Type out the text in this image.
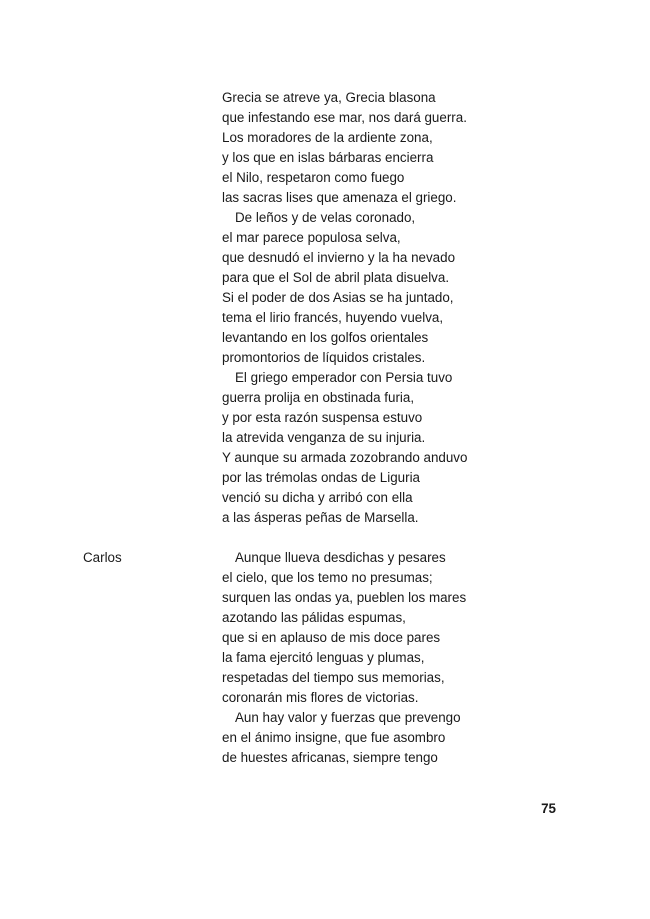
Grecia se atreve ya, Grecia blasona
que infestando ese mar, nos dará guerra.
Los moradores de la ardiente zona,
y los que en islas bárbaras encierra
el Nilo, respetaron como fuego
las sacras lises que amenaza el griego.
De leños y de velas coronado,
el mar parece populosa selva,
que desnudó el invierno y la ha nevado
para que el Sol de abril plata disuelva.
Si el poder de dos Asias se ha juntado,
tema el lirio francés, huyendo vuelva,
levantando en los golfos orientales
promontorios de líquidos cristales.
El griego emperador con Persia tuvo
guerra prolija en obstinada furia,
y por esta razón suspensa estuvo
la atrevida venganza de su injuria.
Y aunque su armada zozobrando anduvo
por las trémolas ondas de Liguria
venció su dicha y arribó con ella
a las ásperas peñas de Marsella.
Carlos	Aunque llueva desdichas y pesares
el cielo, que los temo no presumas;
surquen las ondas ya, pueblen los mares
azotando las pálidas espumas,
que si en aplauso de mis doce pares
la fama ejercitó lenguas y plumas,
respetadas del tiempo sus memorias,
coronarán mis flores de victorias.
Aun hay valor y fuerzas que prevengo
en el ánimo insigne, que fue asombro
de huestes africanas, siempre tengo
75
